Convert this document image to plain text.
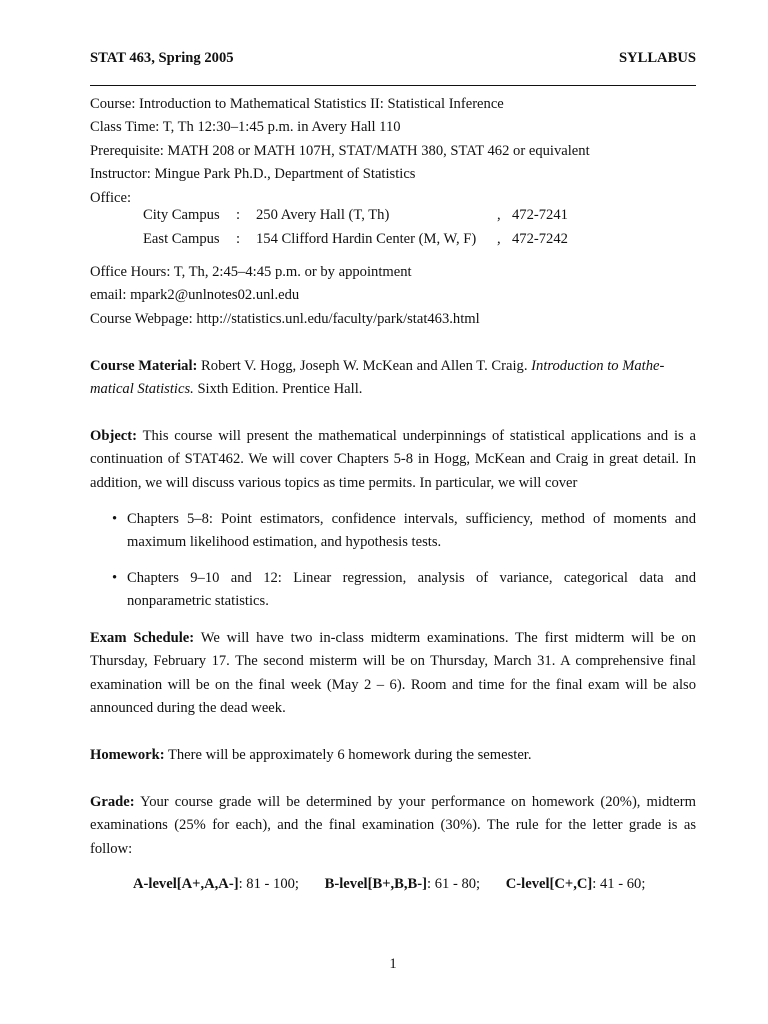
STAT 463, Spring 2005	SYLLABUS
Course: Introduction to Mathematical Statistics II: Statistical Inference
Class Time: T, Th 12:30–1:45 p.m. in Avery Hall 110
Prerequisite: MATH 208 or MATH 107H, STAT/MATH 380, STAT 462 or equivalent
Instructor: Mingue Park Ph.D., Department of Statistics
Office:
City Campus : 250 Avery Hall (T, Th)	, 472-7241
East Campus : 154 Clifford Hardin Center (M, W, F) , 472-7242
Office Hours: T, Th, 2:45–4:45 p.m. or by appointment
email: mpark2@unlnotes02.unl.edu
Course Webpage: http://statistics.unl.edu/faculty/park/stat463.html
Course Material: Robert V. Hogg, Joseph W. McKean and Allen T. Craig. Introduction to Mathe-
matical Statistics. Sixth Edition. Prentice Hall.
Object: This course will present the mathematical underpinnings of statistical applications and is a continuation of STAT462. We will cover Chapters 5-8 in Hogg, McKean and Craig in great detail. In addition, we will discuss various topics as time permits. In particular, we will cover
• Chapters 5–8: Point estimators, confidence intervals, sufficiency, method of moments and maximum likelihood estimation, and hypothesis tests.
• Chapters 9–10 and 12: Linear regression, analysis of variance, categorical data and nonparametric statistics.
Exam Schedule: We will have two in-class midterm examinations. The first midterm will be on Thursday, February 17. The second misterm will be on Thursday, March 31. A comprehensive final examination will be on the final week (May 2 – 6). Room and time for the final exam will be also announced during the dead week.
Homework: There will be approximately 6 homework during the semester.
Grade: Your course grade will be determined by your performance on homework (20%), midterm examinations (25% for each), and the final examination (30%). The rule for the letter grade is as follow:
A-level[A+,A,A-]: 81 - 100; B-level[B+,B,B-]: 61 - 80; C-level[C+,C]: 41 - 60;
1
